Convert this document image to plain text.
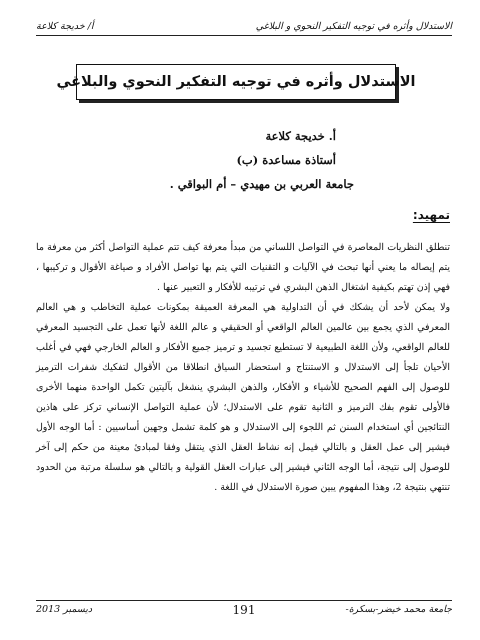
الاستدلال وأثره في توجيه التفكير النحوي و البلاغي
أ/ خديجة كلاعة
الاستدلال وأثره في توجيه التفكير النحوي والبلاغي
أ. خديجة كلاعة
أستاذة مساعدة (ب)
جامعة العربي بن مهيدي – أم البواقي .
تمهيد:

تنطلق النظريات المعاصرة في التواصل اللساني من مبدأ معرفة كيف تتم عملية التواصل أكثر من معرفة ما يتم إيصاله ما يعني أنها تبحث في الآليات و التقنيات التي يتم بها تواصل الأفراد و صياغة الأقوال و تركيبها ، فهي إذن تهتم بكيفية اشتغال الذهن البشري في ترتيبه للأفكار و التعبير عنها .

ولا يمكن لأحد أن يشكك في أن التداولية هي المعرفة العميقة بمكونات عملية التخاطب و هي العالم المعرفي الذي يجمع بين عالمين العالم الواقعي أو الحقيقي و عالم اللغة لأنها تعمل على التجسيد المعرفي للعالم الواقعي، ولأن اللغة الطبيعية لا تستطيع تجسيد و ترميز جميع الأفكار و العالم الخارجي فهي في أغلب الأحيان تلجأ إلى الاستدلال و الاستنتاج و استحضار السياق انطلاقا من الأقوال لتفكيك شفرات الترميز للوصول إلى الفهم الصحيح للأشياء و الأفكار، والذهن البشري ينشغل بآليتين تكمل الواحدة منهما الأخرى فالأولى تقوم بفك الترميز و الثانية تقوم على الاستدلال؛ لأن عملية التواصل الإنساني تركز على هاذين النتائجين أي استخدام السنن ثم اللجوء إلى الاستدلال و هو كلمة تشمل وجهين أساسيين : أما الوجه الأول فيشير إلى عمل العقل و بالتالي فيمل إنه نشاط العقل الذي ينتقل وفقا لمبادئ معينة من حكم إلى آخر للوصول إلى نتيجة، أما الوجه الثاني فيشير إلى عبارات العقل القولية و بالتالي هو سلسلة مرتبة من الحدود تنتهي بنتيجة 2، وهذا المفهوم يبين صورة الاستدلال في اللغة .

جامعة محمد خيضر-بسكرة-
191
ديسمبر 2013
